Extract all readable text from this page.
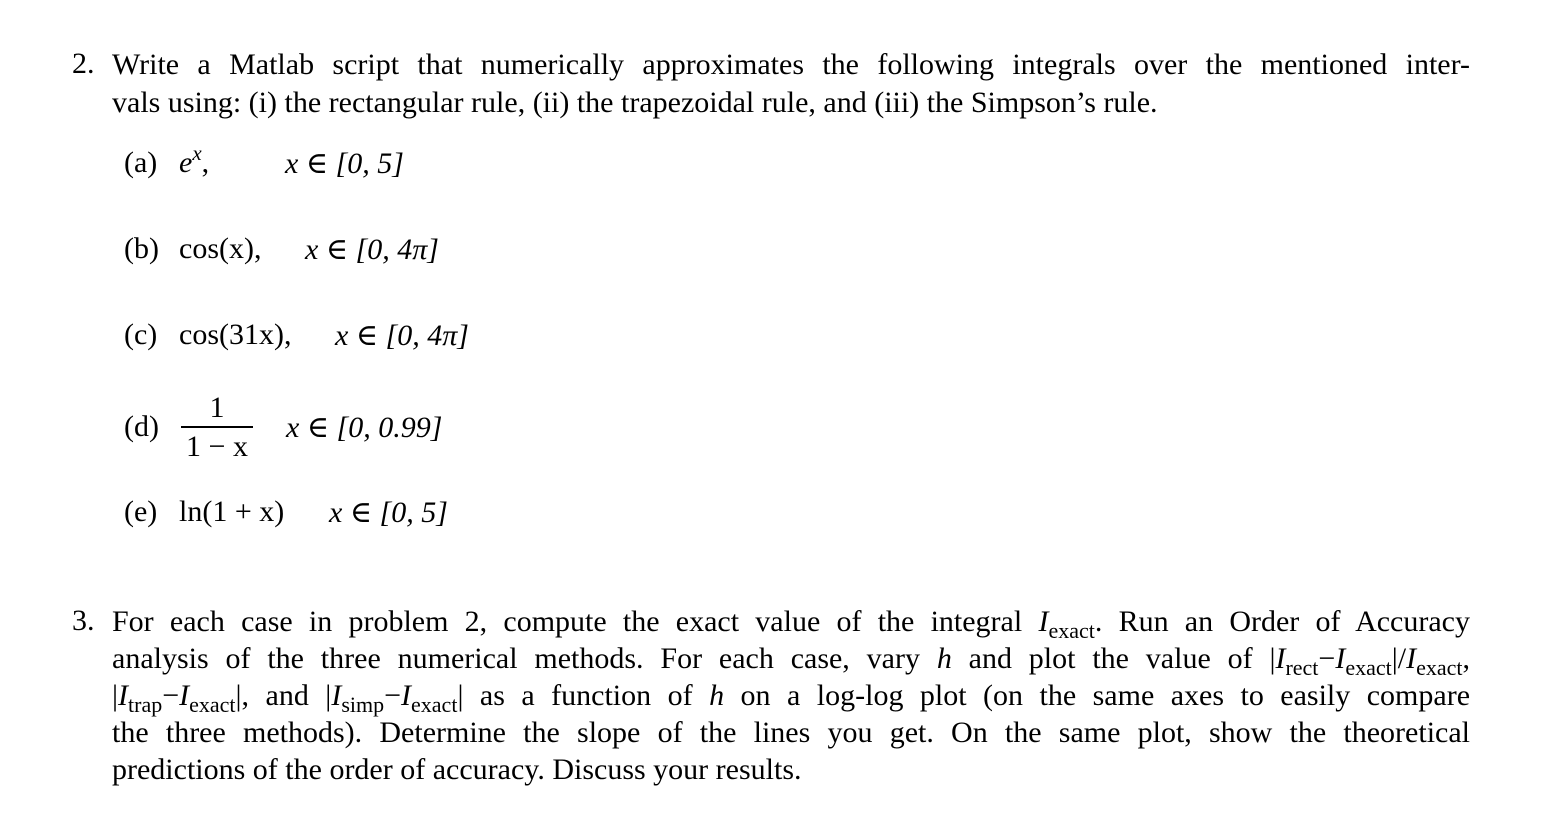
2. Write a Matlab script that numerically approximates the following integrals over the mentioned inter-
vals using: (i) the rectangular rule, (ii) the trapezoidal rule, and (iii) the Simpson’s rule.
(a) $e^x$,	x ∈ [0, 5]
(b) cos(x), x ∈ [0, 4π]
(c) cos(31x), x ∈ [0, 4π]
(d)
1
1 − x
x ∈ [0, 0.99]
(e) ln(1 + x) x ∈ [0, 5]
3. For each case in problem 2, compute the exact value of the integral $I_{exact}$. Run an Order of Accuracy
analysis of the three numerical methods. For each case, vary h and plot the value of $|I_{rect}-I_{exact}|/I_{exact}$,
$|I_{trap}-I_{exact}|$, and $|I_{simp}-I_{exact}|$ as a function of h on a log-log plot (on the same axes to easily compare
the three methods). Determine the slope of the lines you get. On the same plot, show the theoretical
predictions of the order of accuracy. Discuss your results.
